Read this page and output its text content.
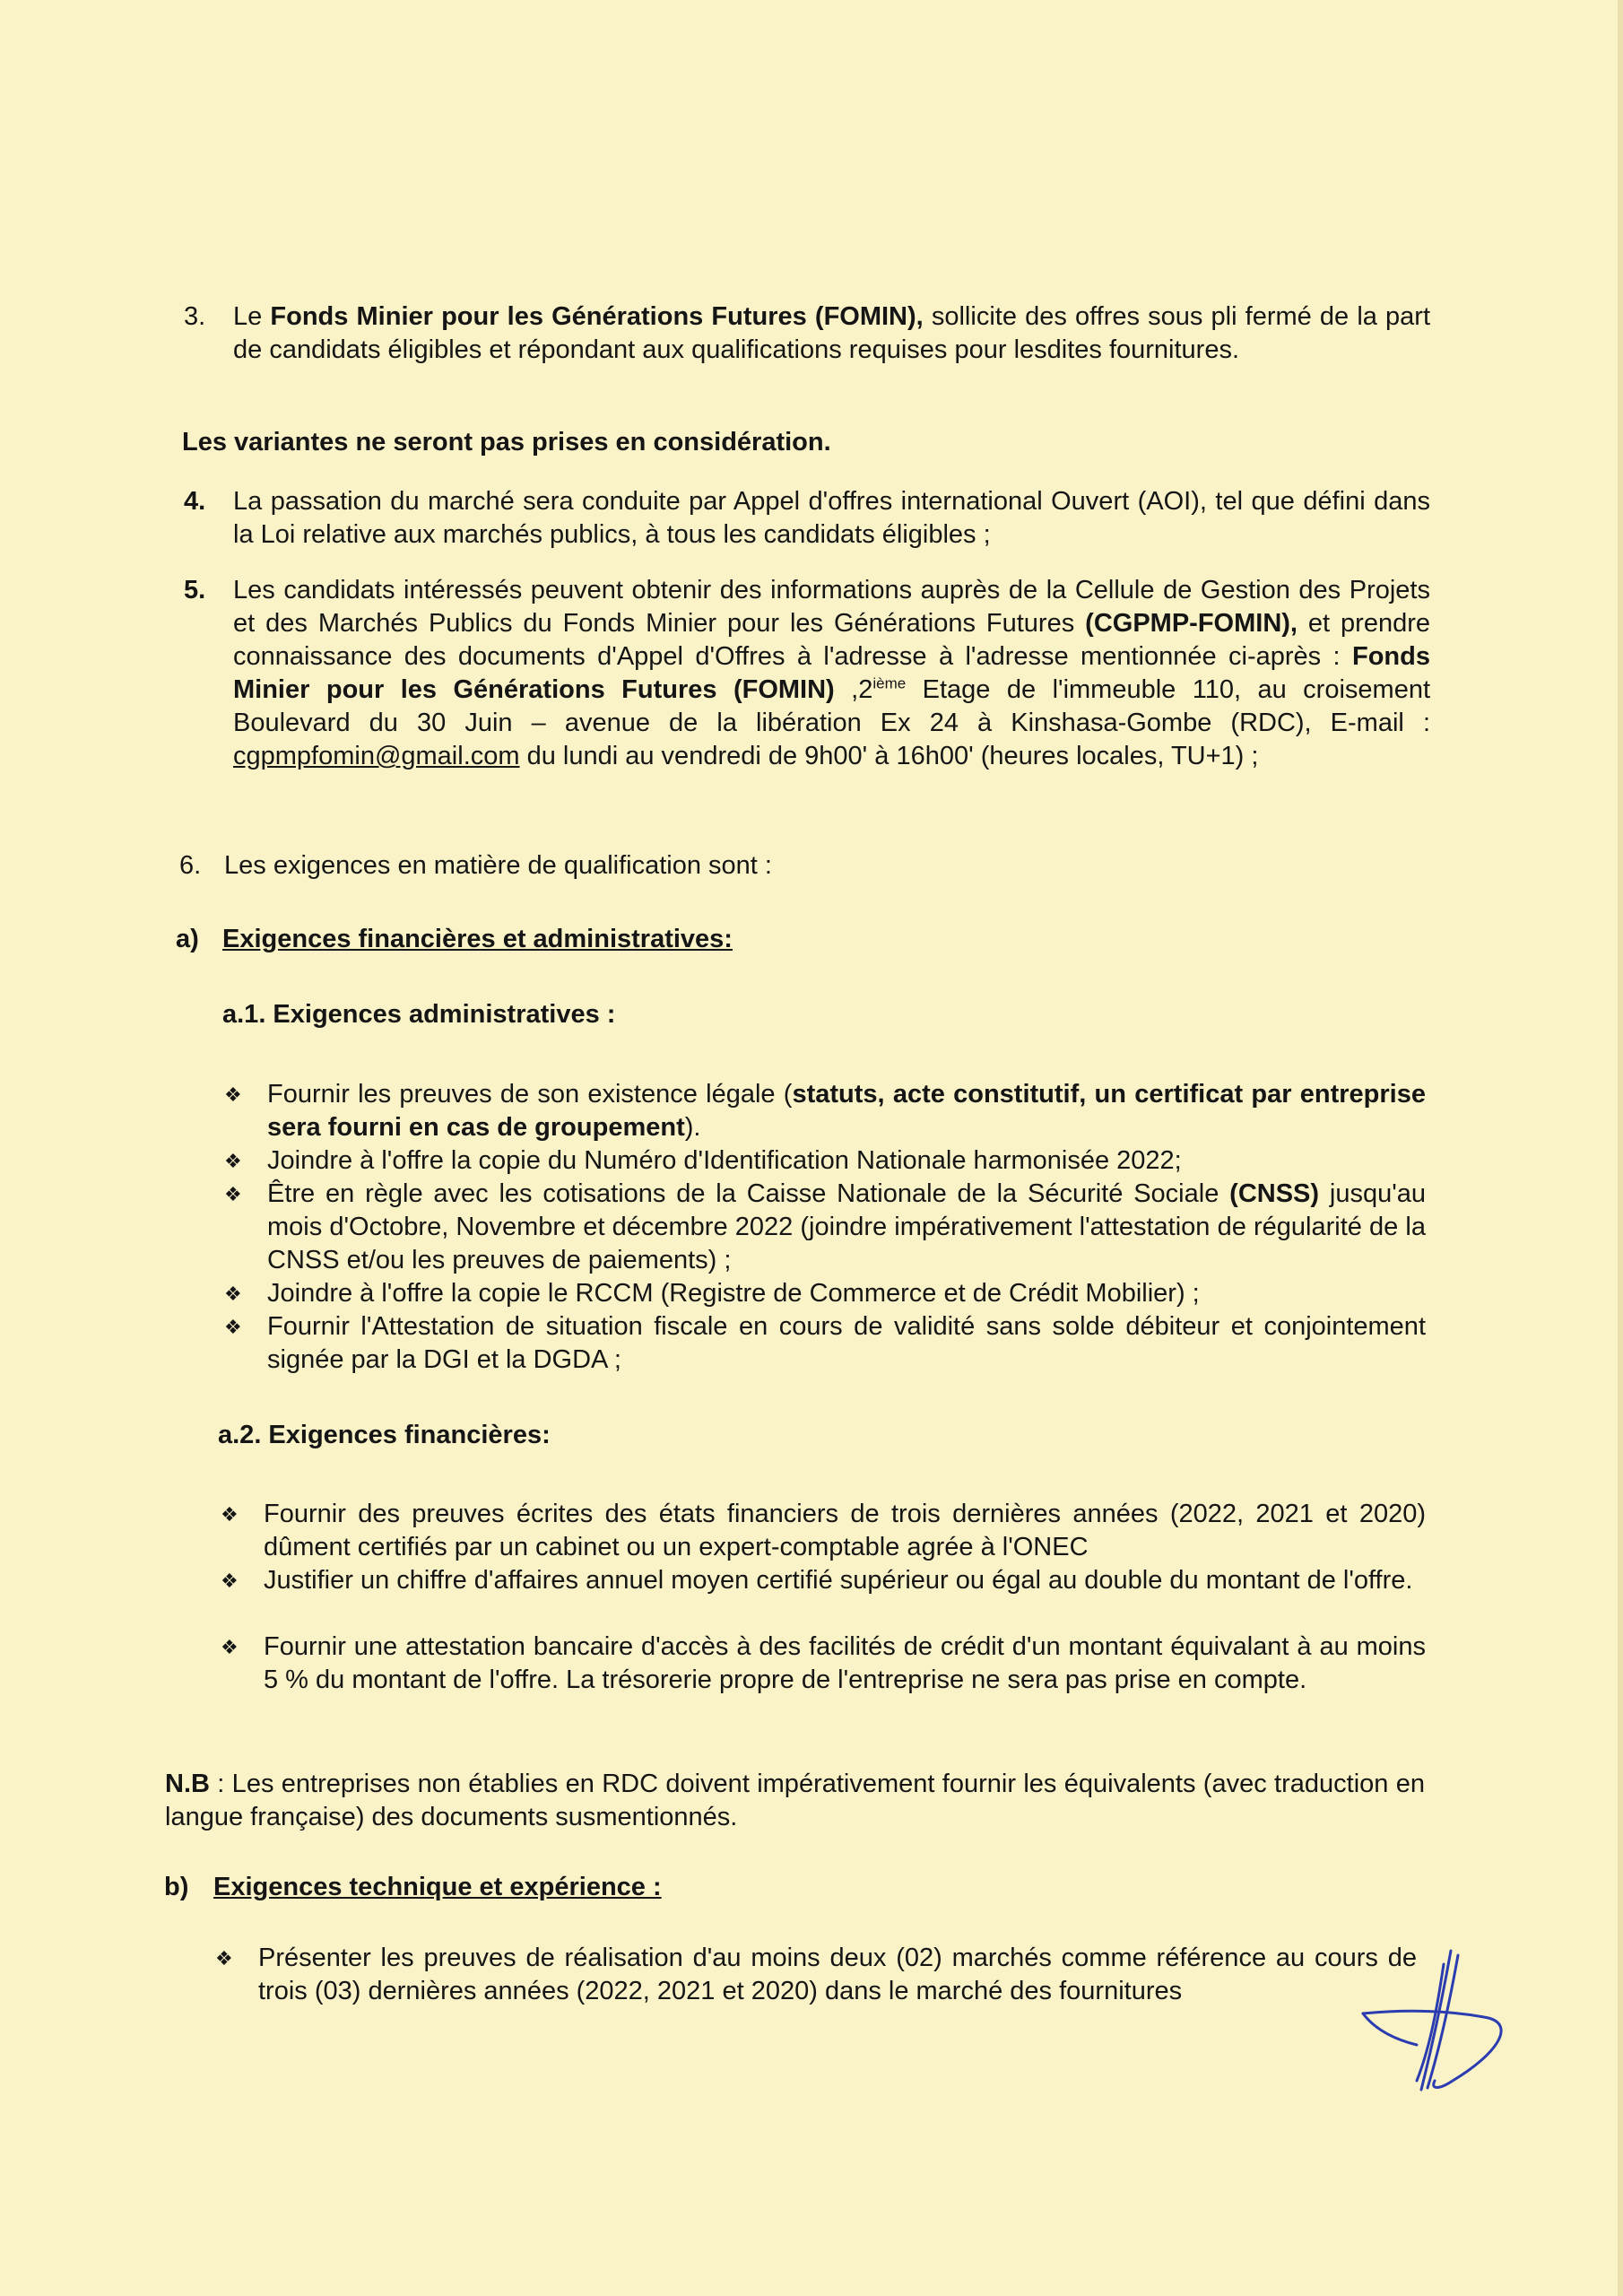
3. Le Fonds Minier pour les Générations Futures (FOMIN), sollicite des offres sous pli fermé de la part de candidats éligibles et répondant aux qualifications requises pour lesdites fournitures.
Les variantes ne seront pas prises en considération.
4. La passation du marché sera conduite par Appel d'offres international Ouvert (AOI), tel que défini dans la Loi relative aux marchés publics, à tous les candidats éligibles ;
5. Les candidats intéressés peuvent obtenir des informations auprès de la Cellule de Gestion des Projets et des Marchés Publics du Fonds Minier pour les Générations Futures (CGPMP-FOMIN), et prendre connaissance des documents d'Appel d'Offres à l'adresse à l'adresse mentionnée ci-après : Fonds Minier pour les Générations Futures (FOMIN) ,2ième Etage de l'immeuble 110, au croisement Boulevard du 30 Juin – avenue de la libération Ex 24 à Kinshasa-Gombe (RDC), E-mail : cgpmpfomin@gmail.com du lundi au vendredi de 9h00' à 16h00' (heures locales, TU+1) ;
6. Les exigences en matière de qualification sont :
a) Exigences financières et administratives:
a.1. Exigences administratives :
❖ Fournir les preuves de son existence légale (statuts, acte constitutif, un certificat par entreprise sera fourni en cas de groupement).
❖ Joindre à l'offre la copie du Numéro d'Identification Nationale harmonisée 2022;
❖ Être en règle avec les cotisations de la Caisse Nationale de la Sécurité Sociale (CNSS) jusqu'au mois d'Octobre, Novembre et décembre 2022 (joindre impérativement l'attestation de régularité de la CNSS et/ou les preuves de paiements) ;
❖ Joindre à l'offre la copie le RCCM (Registre de Commerce et de Crédit Mobilier) ;
❖ Fournir l'Attestation de situation fiscale en cours de validité sans solde débiteur et conjointement signée par la DGI et la DGDA ;
a.2. Exigences financières:
❖ Fournir des preuves écrites des états financiers de trois dernières années (2022, 2021 et 2020) dûment certifiés par un cabinet ou un expert-comptable agrée à l'ONEC
❖ Justifier un chiffre d'affaires annuel moyen certifié supérieur ou égal au double du montant de l'offre.
❖ Fournir une attestation bancaire d'accès à des facilités de crédit d'un montant équivalant à au moins 5 % du montant de l'offre. La trésorerie propre de l'entreprise ne sera pas prise en compte.
N.B : Les entreprises non établies en RDC doivent impérativement fournir les équivalents (avec traduction en langue française) des documents susmentionnés.
b) Exigences technique et expérience :
❖ Présenter les preuves de réalisation d'au moins deux (02) marchés comme référence au cours de trois (03) dernières années (2022, 2021 et 2020) dans le marché des fournitures
